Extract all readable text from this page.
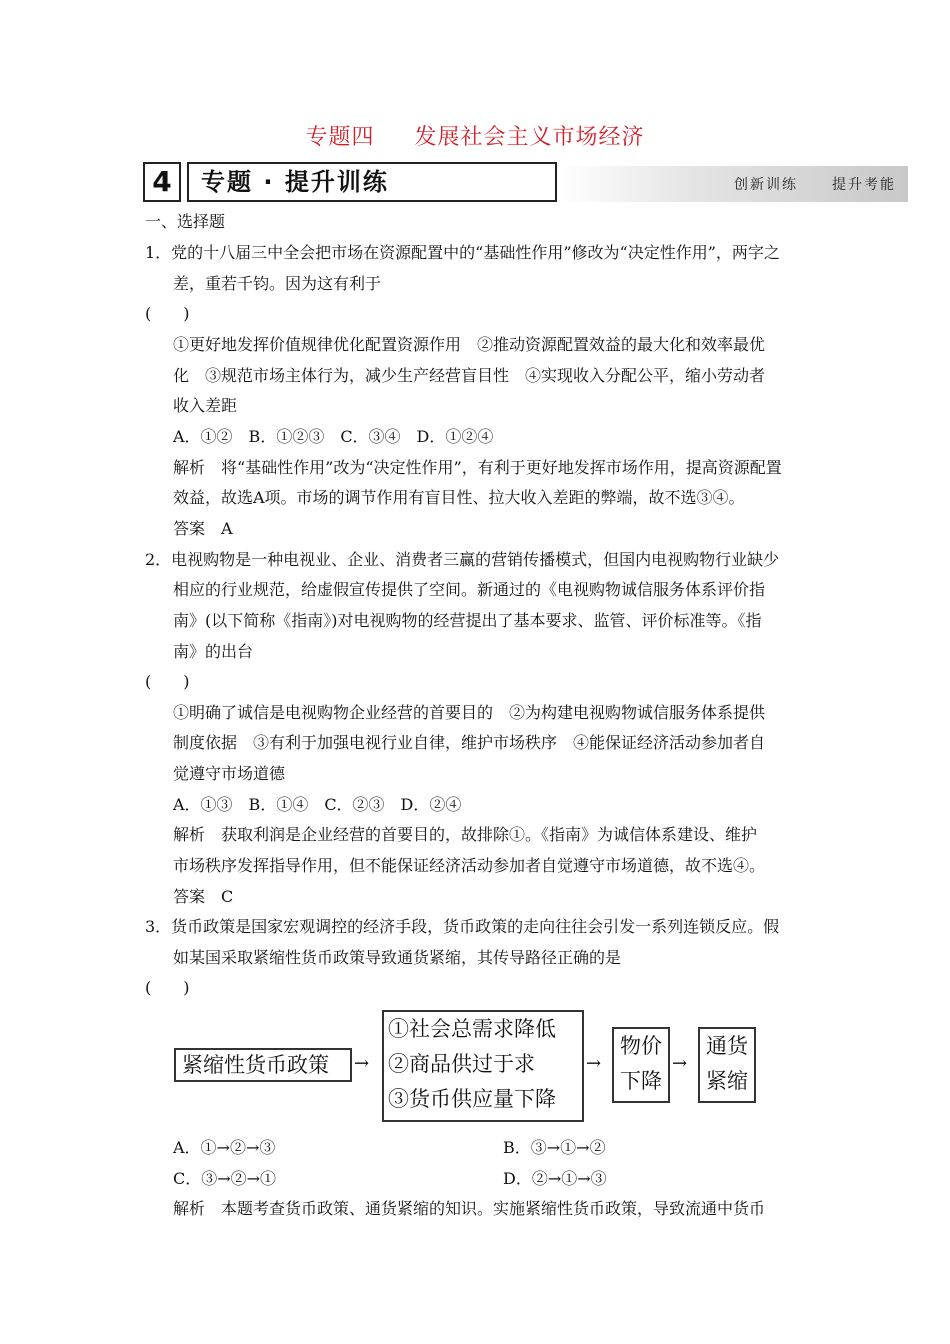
专题四 发展社会主义市场经济
4	专题 · 提升训练	创新训练 提升考能
一、选择题
1．党的十八届三中全会把市场在资源配置中的“基础性作用”修改为“决定性作用”，两字之
差，重若千钧。因为这有利于
(　　)
①更好地发挥价值规律优化配置资源作用　②推动资源配置效益的最大化和效率最优
化　③规范市场主体行为，减少生产经营盲目性　④实现收入分配公平，缩小劳动者
收入差距
A．①②　B．①②③　C．③④　D．①②④
解析　将“基础性作用”改为“决定性作用”，有利于更好地发挥市场作用，提高资源配置
效益，故选A项。市场的调节作用有盲目性、拉大收入差距的弊端，故不选③④。
答案　A
2．电视购物是一种电视业、企业、消费者三赢的营销传播模式，但国内电视购物行业缺少
相应的行业规范，给虚假宣传提供了空间。新通过的《电视购物诚信服务体系评价指
南》(以下简称《指南》)对电视购物的经营提出了基本要求、监管、评价标准等。《指
南》的出台
(　　)
①明确了诚信是电视购物企业经营的首要目的　②为构建电视购物诚信服务体系提供
制度依据　③有利于加强电视行业自律，维护市场秩序　④能保证经济活动参加者自
觉遵守市场道德
A．①③　B．①④　C．②③　D．②④
解析　获取利润是企业经营的首要目的，故排除①。《指南》为诚信体系建设、维护
市场秩序发挥指导作用，但不能保证经济活动参加者自觉遵守市场道德，故不选④。
答案　C
3．货币政策是国家宏观调控的经济手段，货币政策的走向往往会引发一系列连锁反应。假
如某国采取紧缩性货币政策导致通货紧缩，其传导路径正确的是
(　　)
紧缩性货币政策	→
①社会总需求降低
②商品供过于求
③货币供应量下降
→
物价
下降
→
通货
紧缩
A．①→②→③	B．③→①→②
C．③→②→①	D．②→①→③
解析　本题考查货币政策、通货紧缩的知识。实施紧缩性货币政策，导致流通中货币
